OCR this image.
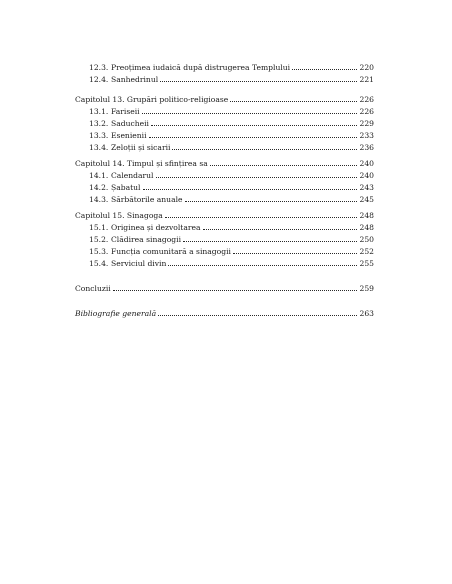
12.3. Preoțimea iudaică după distrugerea Templului	220
12.4. Sanhedrinul	221
Capitolul 13. Grupări politico-religioase	226
13.1. Fariseii	226
13.2. Saducheii	229
13.3. Esenienii	233
13.4. Zeloții și sicarii	236
Capitolul 14. Timpul și sfințirea sa	240
14.1. Calendarul	240
14.2. Șabatul	243
14.3. Sărbătorile anuale	245
Capitolul 15. Sinagoga	248
15.1. Originea și dezvoltarea	248
15.2. Clădirea sinagogii	250
15.3. Funcția comunitară a sinagogii	252
15.4. Serviciul divin	255
Concluzii	259
Bibliografie generală	263
